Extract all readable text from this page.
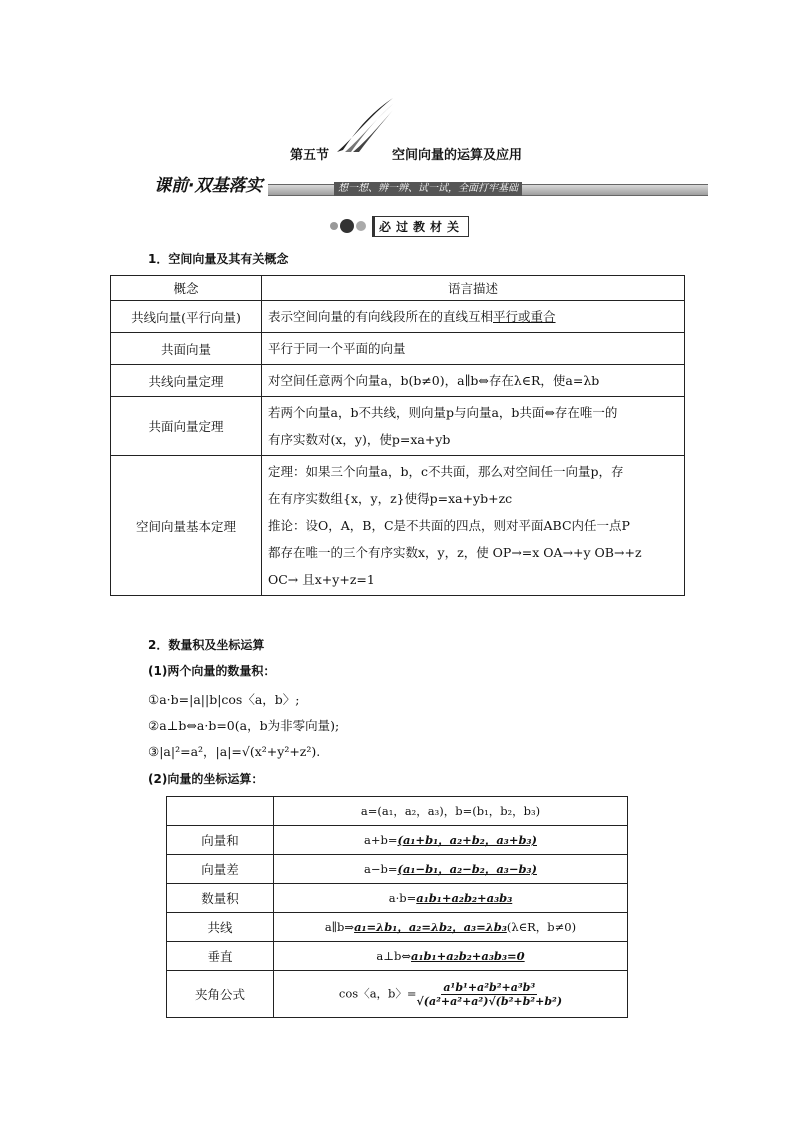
第五节	空间向量的运算及应用
课前·双基落实	想一想、辨一辨、试一试，全面打牢基础
必过教材关
1．空间向量及其有关概念
概念	语言描述
共线向量(平行向量)	表示空间向量的有向线段所在的直线互相平行或重合
共面向量	平行于同一个平面的向量
共线向量定理	对空间任意两个向量a，b(b≠0)，a∥b⇔存在λ∈R，使a=λb
共面向量定理	若两个向量a，b不共线，则向量p与向量a，b共面⇔存在唯一的
有序实数对(x，y)，使p=xa+yb

空间向量基本定理	定理：如果三个向量a，b，c不共面，那么对空间任一向量p，存
在有序实数组{x，y，z}使得p=xa+yb+zc
推论：设O，A，B，C是不共面的四点，则对平面ABC内任一点P
都存在唯一的三个有序实数x，y，z，使 OP→=x OA→+y OB→+z
OC→ 且x+y+z=1
2．数量积及坐标运算
(1)两个向量的数量积：
①a·b=|a||b|cos〈a，b〉;
②a⊥b⇔a·b=0(a，b为非零向量);
③|a|²=a²，|a|=√(x²+y²+z²).
(2)向量的坐标运算：
	a=(a₁，a₂，a₃)，b=(b₁，b₂，b₃)
向量和	a+b=(a₁+b₁，a₂+b₂，a₃+b₃)
向量差	a−b=(a₁−b₁，a₂−b₂，a₃−b₃)
数量积	a·b=a₁b₁+a₂b₂+a₃b₃
共线	a∥b⇒a₁=λb₁，a₂=λb₂，a₃=λb₃(λ∈R，b≠0)
垂直	a⊥b⇔a₁b₁+a₂b₂+a₃b₃=0
夹角公式	cos〈a，b〉= $\frac{\text{a¹b¹+a²b²+a³b³}}{\text{√(a²+a²+a²)√(b²+b²+b²)}}$
